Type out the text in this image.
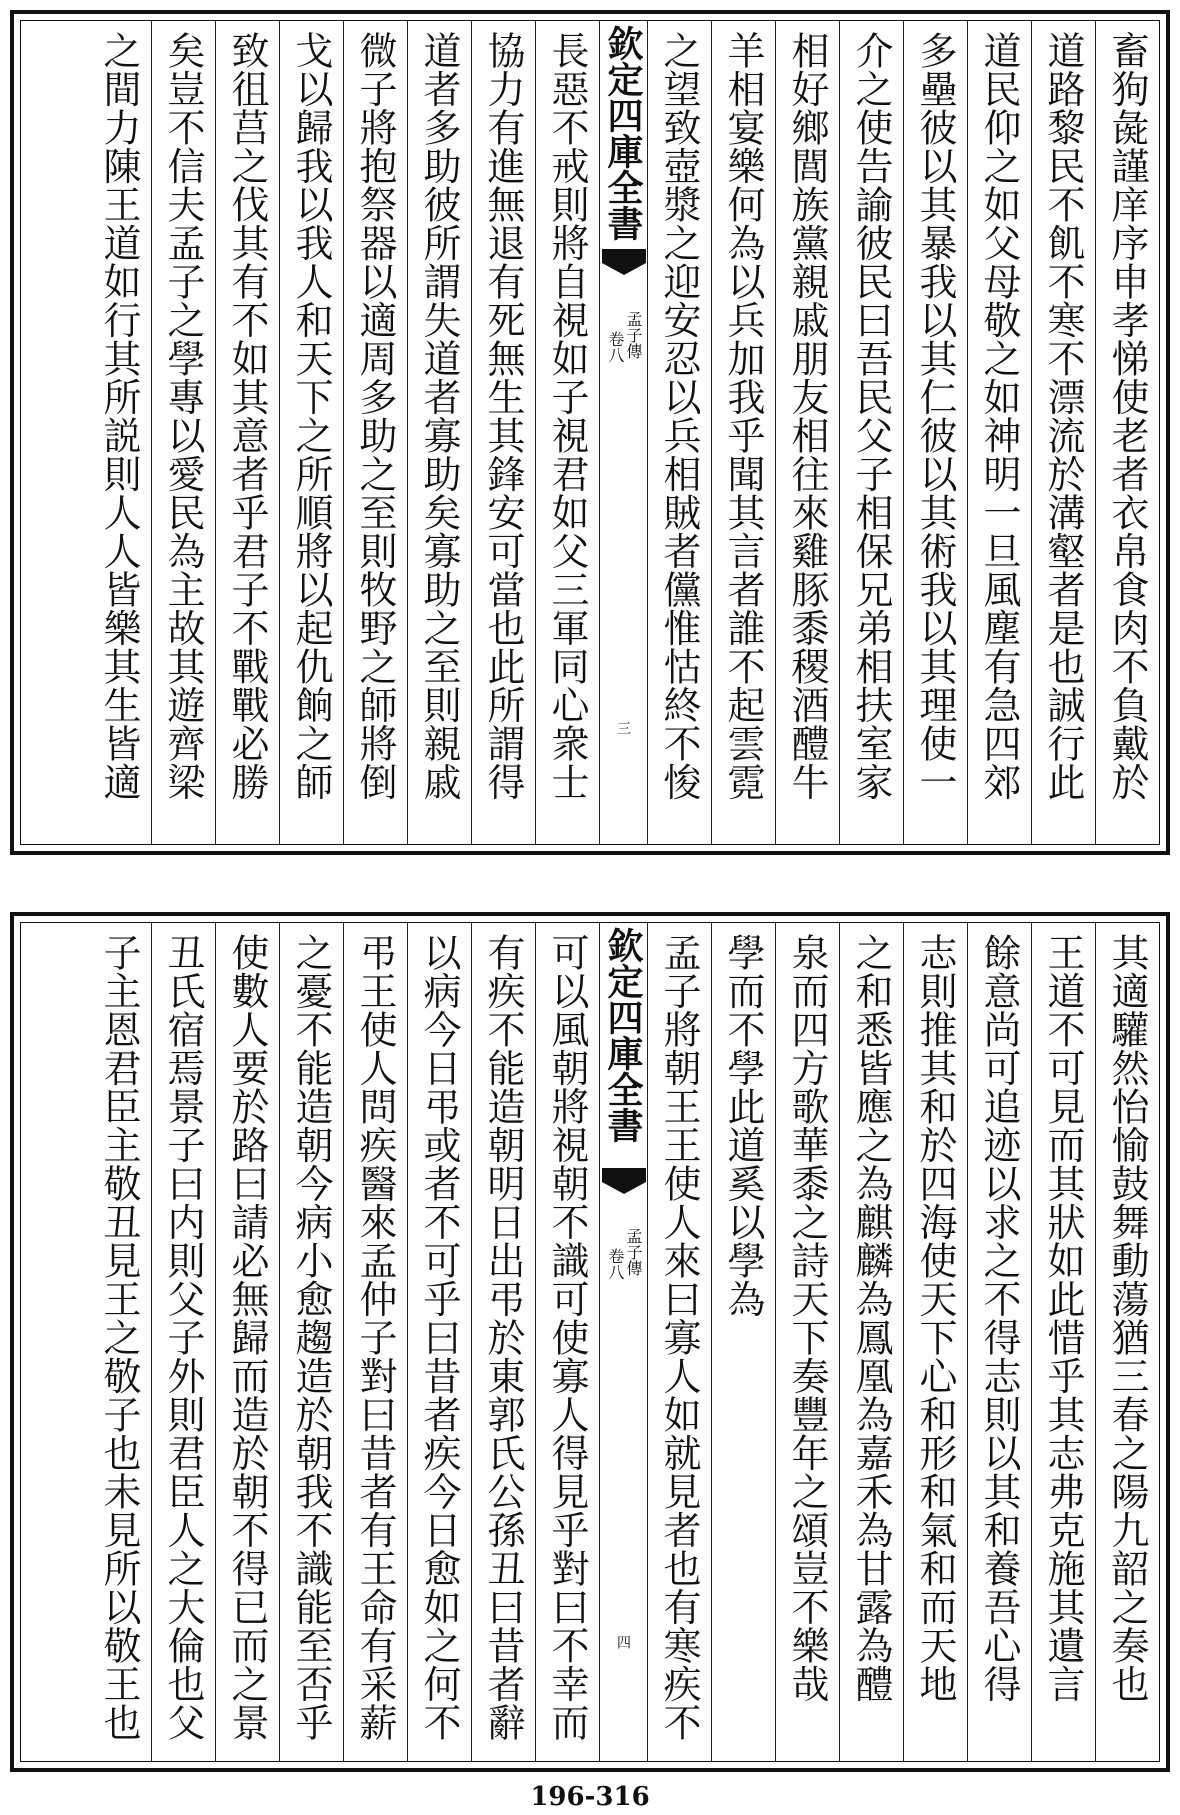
畜狗彘謹庠序申孝悌使老者衣帛食肉不負戴於
道路黎民不飢不寒不漂流於溝壑者是也誠行此
道民仰之如父母敬之如神明一旦風塵有急四郊
多壘彼以其暴我以其仁彼以其術我以其理使一
介之使告諭彼民曰吾民父子相保兄弟相扶室家
相好鄉閭族黨親戚朋友相往來雞豚黍稷酒醴牛
羊相宴樂何為以兵加我乎聞其言者誰不起雲霓
之望致壺漿之迎安忍以兵相賊者儻惟怙終不悛
欽定四庫全書
孟子傳
卷八
三
長惡不戒則將自視如子視君如父三軍同心衆士
協力有進無退有死無生其鋒安可當也此所謂得
道者多助彼所謂失道者寡助矣寡助之至則親戚
微子將抱祭器以適周多助之至則牧野之師將倒
戈以歸我以我人和天下之所順將以起仇餉之師
致徂莒之伐其有不如其意者乎君子不戰戰必勝
矣豈不信夫孟子之學專以愛民為主故其遊齊梁
之間力陳王道如行其所説則人人皆樂其生皆適
其適驩然怡愉鼓舞動蕩猶三春之陽九韶之奏也
王道不可見而其狀如此惜乎其志弗克施其遺言
餘意尚可追迹以求之不得志則以其和養吾心得
志則推其和於四海使天下心和形和氣和而天地
之和悉皆應之為麒麟為鳳凰為嘉禾為甘露為醴
泉而四方歌華黍之詩天下奏豐年之頌豈不樂哉
學而不學此道奚以學為
孟子將朝王王使人來曰寡人如就見者也有寒疾不
欽定四庫全書
孟子傳
卷八
四
可以風朝將視朝不識可使寡人得見乎對曰不幸而
有疾不能造朝明日出弔於東郭氏公孫丑曰昔者辭
以病今日弔或者不可乎曰昔者疾今日愈如之何不
弔王使人問疾醫來孟仲子對曰昔者有王命有采薪
之憂不能造朝今病小愈趨造於朝我不識能至否乎
使數人要於路曰請必無歸而造於朝不得已而之景
丑氏宿焉景子曰内則父子外則君臣人之大倫也父
子主恩君臣主敬丑見王之敬子也未見所以敬王也
196-316
